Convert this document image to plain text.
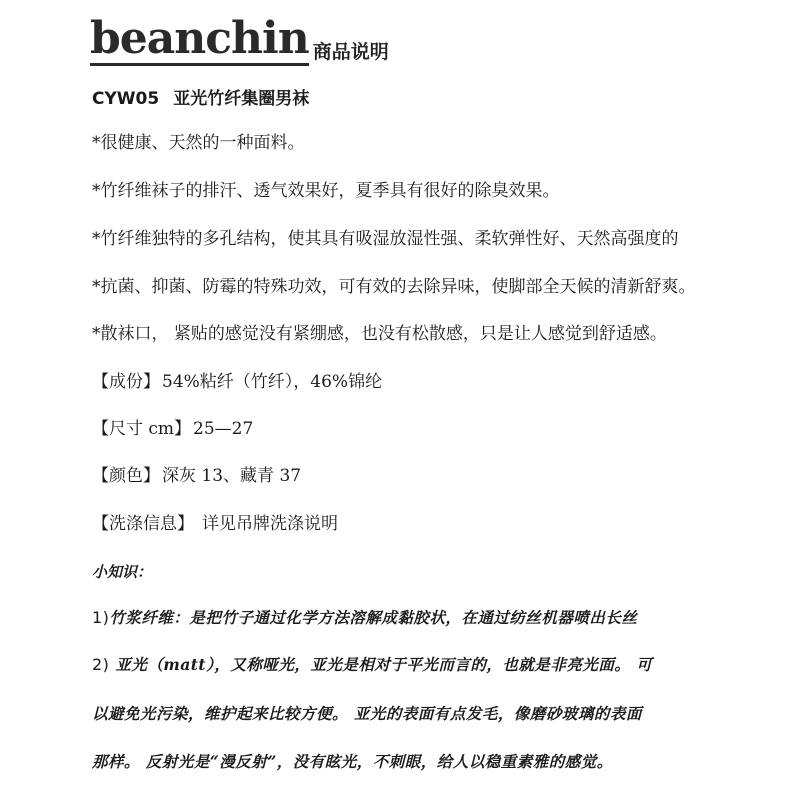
beanchin 商品说明
CYW05 亚光竹纤集圈男袜
*很健康、天然的一种面料。
*竹纤维袜子的排汗、透气效果好，夏季具有很好的除臭效果。
*竹纤维独特的多孔结构，使其具有吸湿放湿性强、柔软弹性好、天然高强度的
*抗菌、抑菌、防霉的特殊功效，可有效的去除异味，使脚部全天候的清新舒爽。
*散袜口， 紧贴的感觉没有紧绷感，也没有松散感，只是让人感觉到舒适感。
【成份】 54%粘纤（竹纤），46%锦纶
【尺寸 cm】 25—27
【颜色】 深灰 13、藏青 37
【洗涤信息】 详见吊牌洗涤说明
小知识：
1)竹浆纤维：是把竹子通过化学方法溶解成黏胶状，在通过纺丝机器喷出长丝
2) 亚光（matt），又称哑光，亚光是相对于平光而言的，也就是非亮光面。 可
以避免光污染，维护起来比较方便。 亚光的表面有点发毛，像磨砂玻璃的表面
那样。 反射光是“漫反射”，没有眩光，不刺眼，给人以稳重素雅的感觉。
